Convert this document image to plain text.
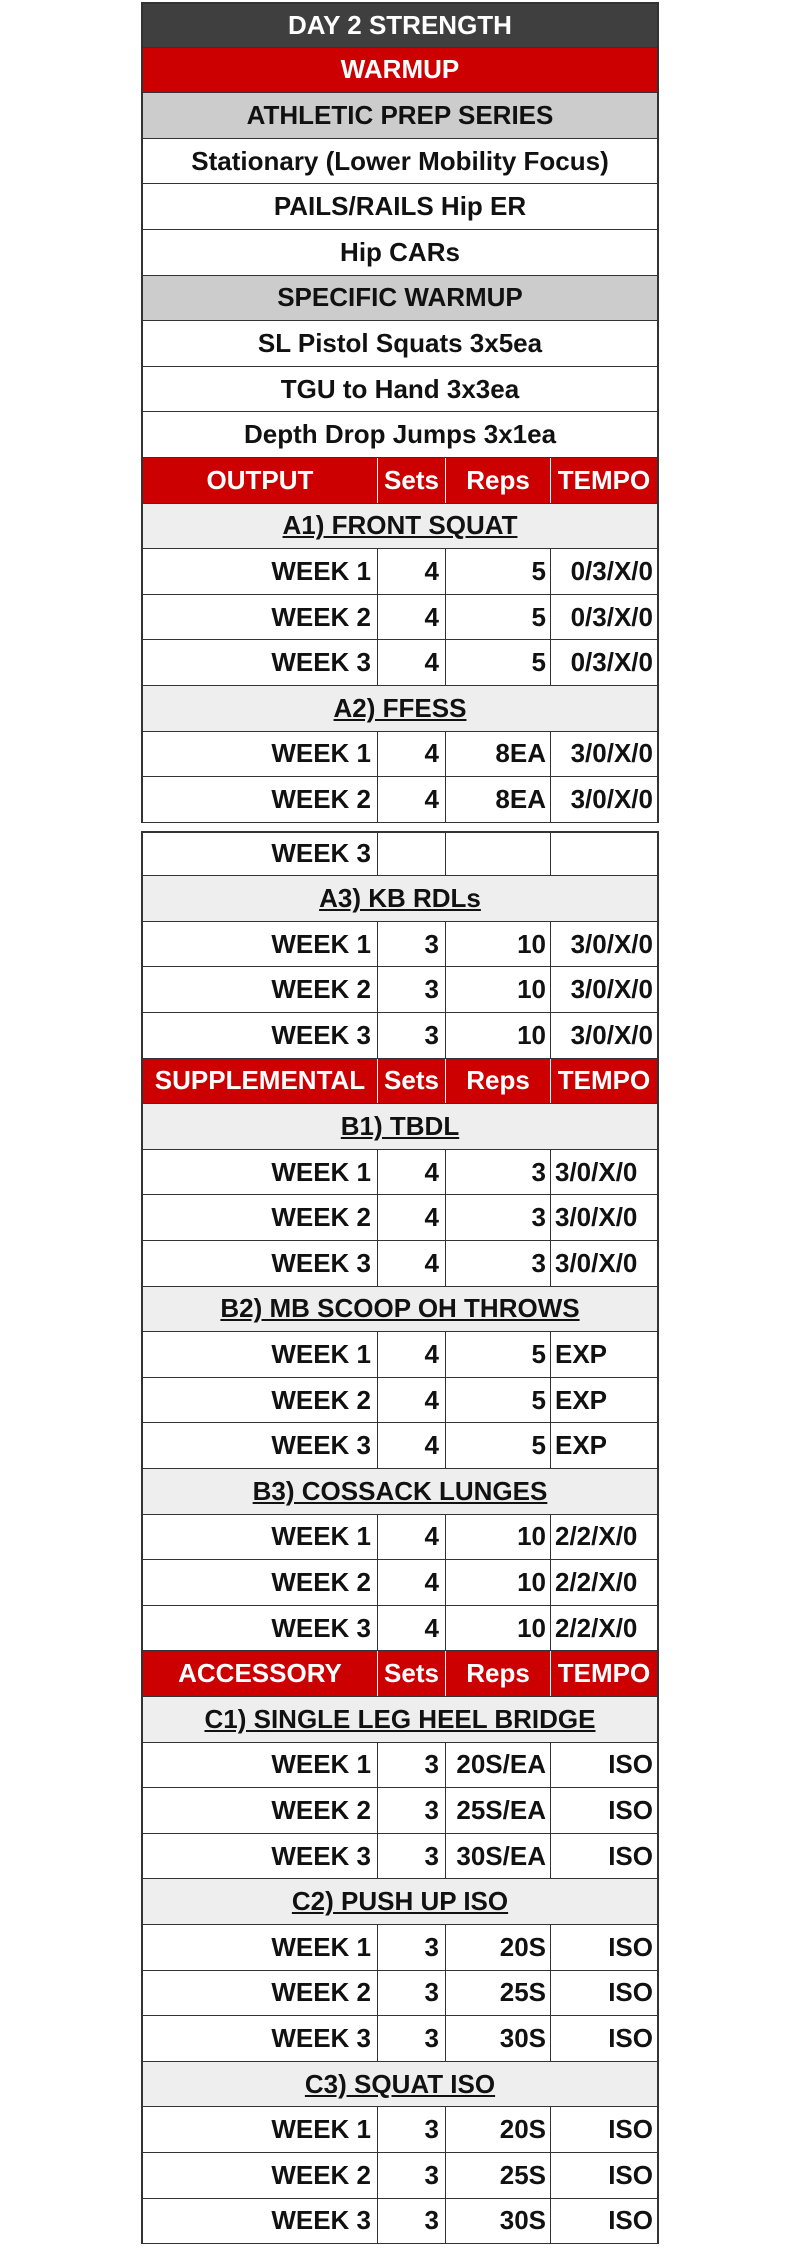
DAY 2 STRENGTH
WARMUP
ATHLETIC PREP SERIES
Stationary (Lower Mobility Focus)
PAILS/RAILS Hip ER
Hip CARs
SPECIFIC WARMUP
SL Pistol Squats 3x5ea
TGU to Hand 3x3ea
Depth Drop Jumps 3x1ea
OUTPUT	Sets	Reps	TEMPO
A1) FRONT SQUAT
WEEK 1	4	5 0/3/X/0
WEEK 2	4	5 0/3/X/0
WEEK 3	4	5 0/3/X/0
A2) FFESS
WEEK 1	4	8EA 3/0/X/0
WEEK 2	4	8EA 3/0/X/0
WEEK 3
A3) KB RDLs
WEEK 1	3	10 3/0/X/0
WEEK 2	3	10 3/0/X/0
WEEK 3	3	10 3/0/X/0
SUPPLEMENTAL Sets	Reps	TEMPO
B1) TBDL
WEEK 1	4	3 3/0/X/0
WEEK 2	4	3 3/0/X/0
WEEK 3	4	3 3/0/X/0
B2) MB SCOOP OH THROWS
WEEK 1	4	5 EXP
WEEK 2	4	5 EXP
WEEK 3	4	5 EXP
B3) COSSACK LUNGES
WEEK 1	4	10 2/2/X/0
WEEK 2	4	10 2/2/X/0
WEEK 3	4	10 2/2/X/0
ACCESSORY	Sets	Reps	TEMPO
C1) SINGLE LEG HEEL BRIDGE
WEEK 1	3 20S/EA	ISO
WEEK 2	3 25S/EA	ISO
WEEK 3	3 30S/EA	ISO
C2) PUSH UP ISO
WEEK 1	3	20S	ISO
WEEK 2	3	25S	ISO
WEEK 3	3	30S	ISO
C3) SQUAT ISO
WEEK 1	3	20S	ISO
WEEK 2	3	25S	ISO
WEEK 3	3	30S	ISO
